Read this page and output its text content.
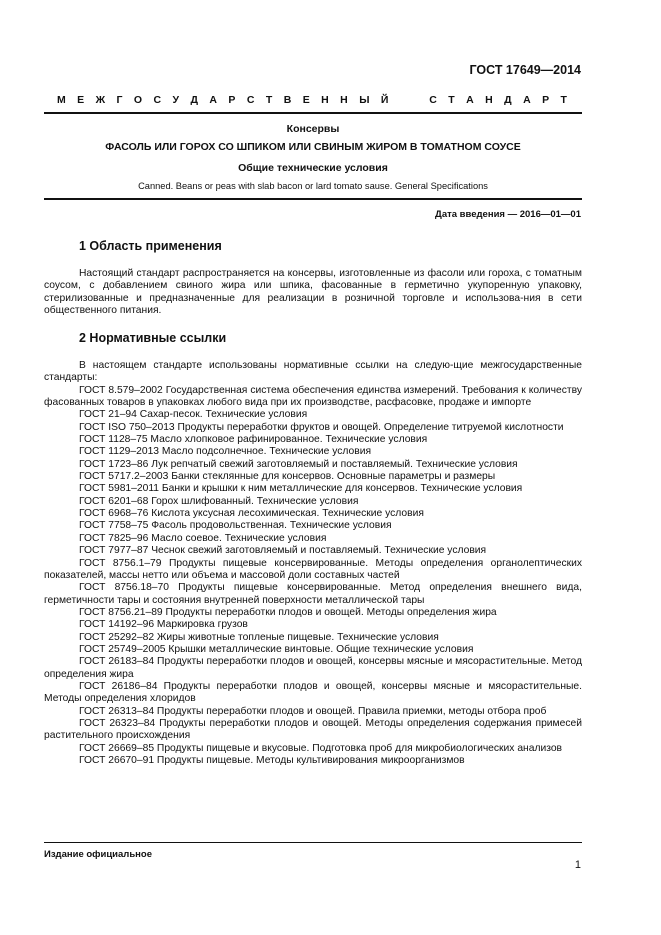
ГОСТ 17649—2014
М Е Ж Г О С У Д А Р С Т В Е Н Н Ы Й	С Т А Н Д А Р Т
Консервы
ФАСОЛЬ ИЛИ ГОРОХ СО ШПИКОМ ИЛИ СВИНЫМ ЖИРОМ В ТОМАТНОМ СОУСЕ
Общие технические условия
Canned. Beans or peas with slab bacon or lard tomato sause. General Specifications
Дата введения — 2016—01—01
1 Область применения

Настоящий стандарт распространяется на консервы, изготовленные из фасоли или гороха, с томатным соусом, с добавлением свиного жира или шпика, фасованные в герметично укупоренную упаковку, стерилизованные и предназначенные для реализации в розничной торговле и использова-ния в сети общественного питания.

2 Нормативные ссылки

В настоящем стандарте использованы нормативные ссылки на следую-щие межгосударственные стандарты:

ГОСТ 8.579–2002 Государственная система обеспечения единства измерений. Требования к количеству фасованных товаров в упаковках любого вида при их производстве, расфасовке, продаже и импорте

ГОСТ 21–94 Сахар-песок. Технические условия

ГОСТ ISO 750–2013 Продукты переработки фруктов и овощей. Определение титруемой кислотности

ГОСТ 1128–75 Масло хлопковое рафинированное. Технические условия

ГОСТ 1129–2013 Масло подсолнечное. Технические условия

ГОСТ 1723–86 Лук репчатый свежий заготовляемый и поставляемый. Технические условия

ГОСТ 5717.2–2003 Банки стеклянные для консервов. Основные параметры и размеры

ГОСТ 5981–2011 Банки и крышки к ним металлические для консервов. Технические условия

ГОСТ 6201–68 Горох шлифованный. Технические условия

ГОСТ 6968–76 Кислота уксусная лесохимическая. Технические условия

ГОСТ 7758–75 Фасоль продовольственная. Технические условия

ГОСТ 7825–96 Масло соевое. Технические условия

ГОСТ 7977–87 Чеснок свежий заготовляемый и поставляемый. Технические условия

ГОСТ 8756.1–79 Продукты пищевые консервированные. Методы определения органолептических показателей, массы нетто или объема и массовой доли составных частей

ГОСТ 8756.18–70 Продукты пищевые консервированные. Метод определения внешнего вида, герметичности тары и состояния внутренней поверхности металлической тары

ГОСТ 8756.21–89 Продукты переработки плодов и овощей. Методы определения жира

ГОСТ 14192–96 Маркировка грузов

ГОСТ 25292–82 Жиры животные топленые пищевые. Технические условия

ГОСТ 25749–2005 Крышки металлические винтовые. Общие технические условия

ГОСТ 26183–84 Продукты переработки плодов и овощей, консервы мясные и мясорастительные. Метод определения жира

ГОСТ 26186–84 Продукты переработки плодов и овощей, консервы мясные и мясорастительные. Методы определения хлоридов

ГОСТ 26313–84 Продукты переработки плодов и овощей. Правила приемки, методы отбора проб

ГОСТ 26323–84 Продукты переработки плодов и овощей. Методы определения содержания примесей растительного происхождения

ГОСТ 26669–85 Продукты пищевые и вкусовые. Подготовка проб для микробиологических анализов

ГОСТ 26670–91 Продукты пищевые. Методы культивирования микроорганизмов

Издание официальное
1
